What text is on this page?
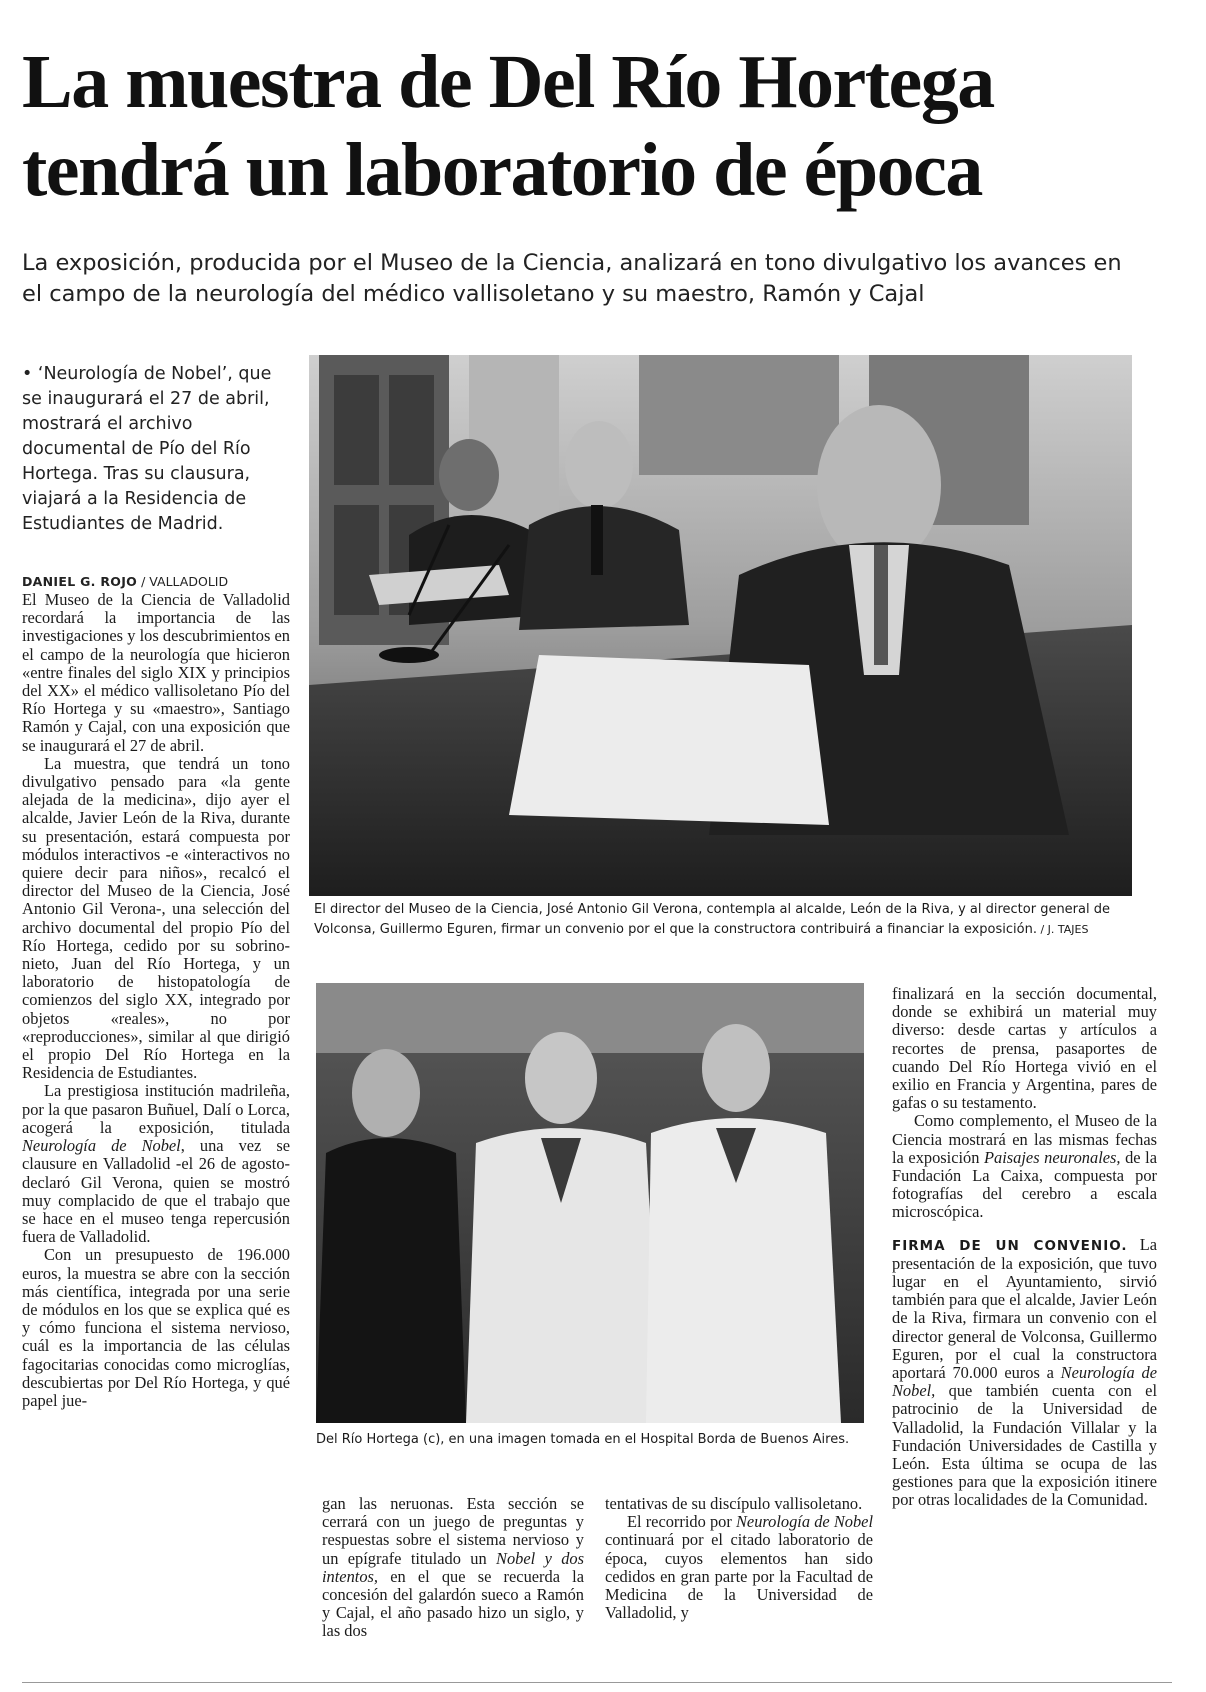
La muestra de Del Río Hortega
tendrá un laboratorio de época
La exposición, producida por el Museo de la Ciencia, analizará en tono divulgativo los avances en el campo de la neurología del médico vallisoletano y su maestro, Ramón y Cajal
• ‘Neurología de Nobel’, que se inaugurará el 27 de abril, mostrará el archivo documental de Pío del Río Hortega. Tras su clausura, viajará a la Residencia de Estudiantes de Madrid.
DANIEL G. ROJO / VALLADOLID

El Museo de la Ciencia de Valladolid recordará la importancia de las investigaciones y los descubrimientos en el campo de la neurología que hicieron «entre finales del siglo XIX y principios del XX» el médico vallisoletano Pío del Río Hortega y su «maestro», Santiago Ramón y Cajal, con una exposición que se inaugurará el 27 de abril.

La muestra, que tendrá un tono divulgativo pensado para «la gente alejada de la medicina», dijo ayer el alcalde, Javier León de la Riva, durante su presentación, estará compuesta por módulos interactivos -e «interactivos no quiere decir para niños», recalcó el director del Museo de la Ciencia, José Antonio Gil Verona-, una selección del archivo documental del propio Pío del Río Hortega, cedido por su sobrino-nieto, Juan del Río Hortega, y un laboratorio de histopatología de comienzos del siglo XX, integrado por objetos «reales», no por «reproducciones», similar al que dirigió el propio Del Río Hortega en la Residencia de Estudiantes.

La prestigiosa institución madrileña, por la que pasaron Buñuel, Dalí o Lorca, acogerá la exposición, titulada Neurología de Nobel, una vez se clausure en Valladolid -el 26 de agosto- declaró Gil Verona, quien se mostró muy complacido de que el trabajo que se hace en el museo tenga repercusión fuera de Valladolid.

Con un presupuesto de 196.000 euros, la muestra se abre con la sección más científica, integrada por una serie de módulos en los que se explica qué es y cómo funciona el sistema nervioso, cuál es la importancia de las células fagocitarias conocidas como microglías, descubiertas por Del Río Hortega, y qué papel jue-

El director del Museo de la Ciencia, José Antonio Gil Verona, contempla al alcalde, León de la Riva, y al director general de Volconsa, Guillermo Eguren, firmar un convenio por el que la constructora contribuirá a financiar la exposición. / J. TAJES
Del Río Hortega (c), en una imagen tomada en el Hospital Borda de Buenos Aires.

finalizará en la sección documental, donde se exhibirá un material muy diverso: desde cartas y artículos a recortes de prensa, pasaportes de cuando Del Río Hortega vivió en el exilio en Francia y Argentina, pares de gafas o su testamento.

Como complemento, el Museo de la Ciencia mostrará en las mismas fechas la exposición Paisajes neuronales, de la Fundación La Caixa, compuesta por fotografías del cerebro a escala microscópica.

FIRMA DE UN CONVENIO. La presentación de la exposición, que tuvo lugar en el Ayuntamiento, sirvió también para que el alcalde, Javier León de la Riva, firmara un convenio con el director general de Volconsa, Guillermo Eguren, por el cual la constructora aportará 70.000 euros a Neurología de Nobel, que también cuenta con el patrocinio de la Universidad de Valladolid, la Fundación Villalar y la Fundación Universidades de Castilla y León. Esta última se ocupa de las gestiones para que la exposición itinere por otras localidades de la Comunidad.

gan las neruonas. Esta sección se cerrará con un juego de preguntas y respuestas sobre el sistema nervioso y un epígrafe titulado un Nobel y dos intentos, en el que se recuerda la concesión del galardón sueco a Ramón y Cajal, el año pasado hizo un siglo, y las dos

tentativas de su discípulo vallisoletano.

El recorrido por Neurología de Nobel continuará por el citado laboratorio de época, cuyos elementos han sido cedidos en gran parte por la Facultad de Medicina de la Universidad de Valladolid, y
